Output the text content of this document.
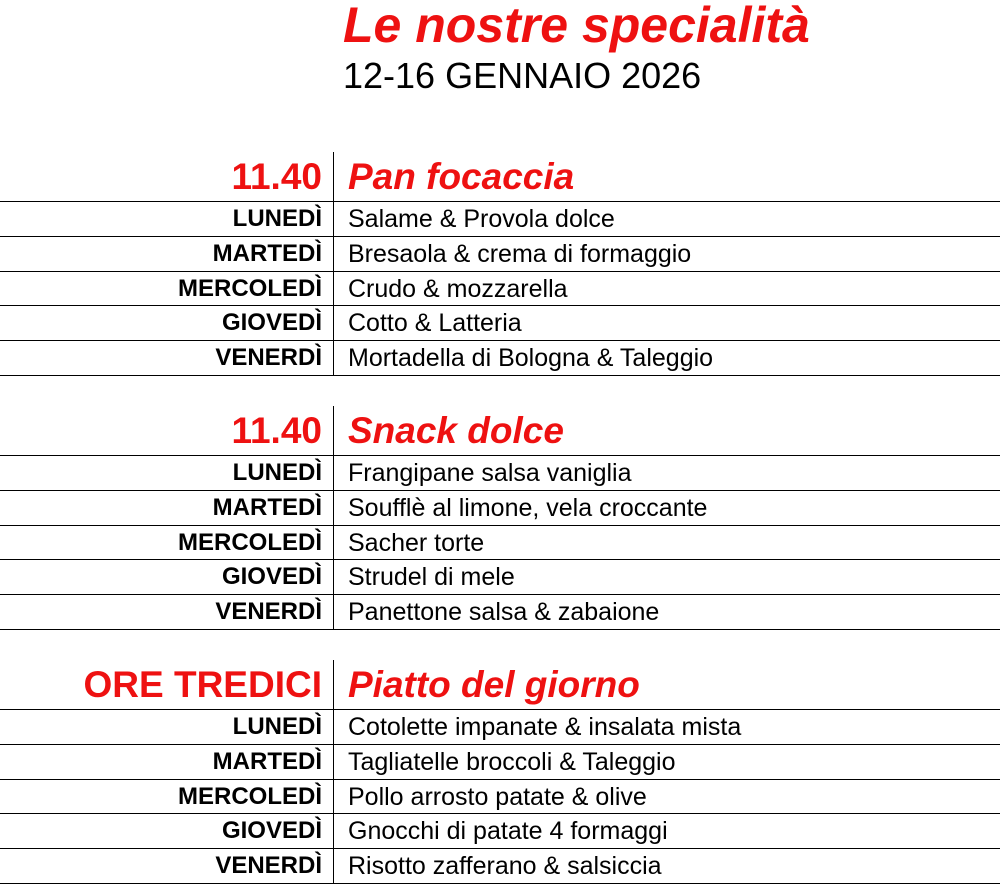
Le nostre specialità
12-16 GENNAIO 2026
11.40 Pan focaccia
LUNEDÌ Salame & Provola dolce
MARTEDÌ Bresaola & crema di formaggio
MERCOLEDÌ Crudo & mozzarella
GIOVEDÌ Cotto & Latteria
VENERDÌ Mortadella di Bologna & Taleggio
11.40 Snack dolce
LUNEDÌ Frangipane salsa vaniglia
MARTEDÌ Soufflè al limone, vela croccante
MERCOLEDÌ Sacher torte
GIOVEDÌ Strudel di mele
VENERDÌ Panettone salsa & zabaione
ORE TREDICI Piatto del giorno
LUNEDÌ Cotolette impanate & insalata mista
MARTEDÌ Tagliatelle broccoli & Taleggio
MERCOLEDÌ Pollo arrosto patate & olive
GIOVEDÌ Gnocchi di patate 4 formaggi
VENERDÌ Risotto zafferano & salsiccia
